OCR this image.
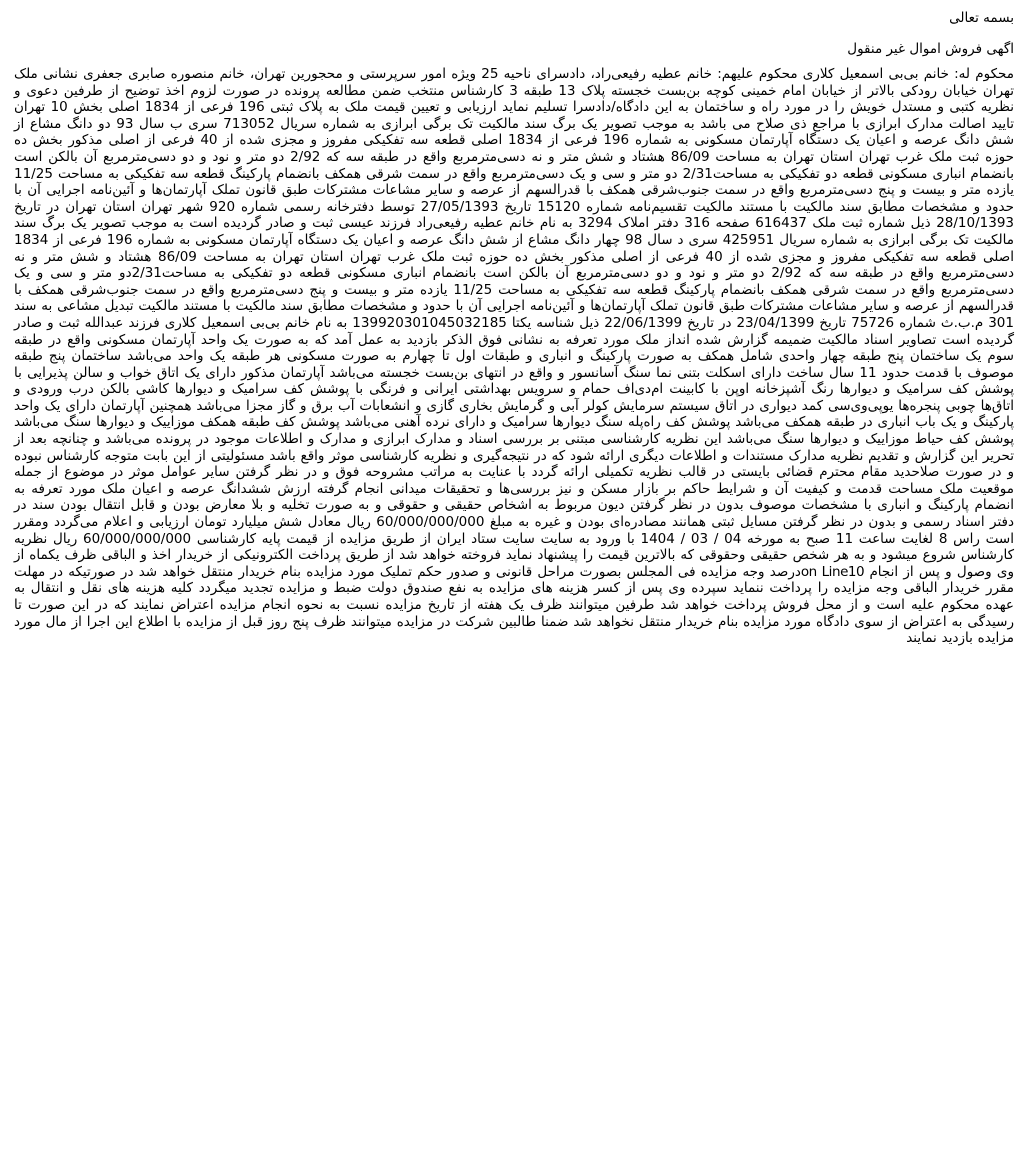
بسمه تعالی

اگهی فروش اموال غیر منقول

محکوم له: خانم بی‌بی اسمعیل کلاری محکوم علیهم: خانم عطیه رفیعی‌راد، دادسرای ناحیه 25 ویژه امور سرپرستی و محجورین تهران، خانم منصوره صابری جعفری نشانی ملک تهران خیابان رودکی بالاتر از خیابان امام خمینی کوچه بن‌بست خجسته پلاک 13 طبقه 3 کارشناس منتخب ضمن مطالعه پرونده در صورت لزوم اخذ توضیح از طرفین دعوی و نظریه کتبی و مستدل خویش را در مورد راه و ساختمان به این دادگاه/دادسرا تسلیم نماید ارزیابی و تعیین قیمت ملک به پلاک ثبتی 196 فرعی از 1834 اصلی بخش 10 تهران تایید اصالت مدارک ابرازی با مراجع ذی صلاح می باشد به موجب تصویر یک برگ سند مالکیت تک برگی ابرازی به شماره سریال 713052 سری ب سال 93 دو دانگ مشاع از شش دانگ عرصه و اعیان یک دستگاه آپارتمان مسکونی به شماره 196 فرعی از 1834 اصلی قطعه سه تفکیکی مفروز و مجزی شده از 40 فرعی از اصلی مذکور بخش ده حوزه ثبت ملک غرب تهران استان تهران به مساحت 86/09 هشتاد و شش متر و نه دسی‌مترمربع واقع در طبقه سه که 2/92 دو متر و نود و دو دسی‌مترمربع آن بالکن است بانضمام انباری مسکونی قطعه دو تفکیکی به مساحت2/31 دو متر و سی و یک دسی‌مترمربع واقع در سمت شرقی همکف بانضمام پارکینگ قطعه سه تفکیکی به مساحت 11/25 یازده متر و بیست و پنج دسی‌مترمربع واقع در سمت جنوب‌شرقی همکف با قدرالسهم از عرصه و سایر مشاعات مشترکات طبق قانون تملک آپارتمان‌ها و آئین‌نامه اجرایی آن با حدود و مشخصات مطابق سند مالکیت با مستند مالکیت تقسیم‌نامه شماره 15120 تاریخ 27/05/1393 توسط دفترخانه رسمی شماره 920 شهر تهران استان تهران در تاریخ 28/10/1393 ذیل شماره ثبت ملک 616437 صفحه 316 دفتر املاک 3294 به نام خانم عطیه رفیعی‌راد فرزند عیسی ثبت و صادر گردیده است به موجب تصویر یک برگ سند مالکیت تک برگی ابرازی به شماره سریال 425951 سری د سال 98 چهار دانگ مشاع از شش دانگ عرصه و اعیان یک دستگاه آپارتمان مسکونی به شماره 196 فرعی از 1834 اصلی قطعه سه تفکیکی مفروز و مجزی شده از 40 فرعی از اصلی مذکور بخش ده حوزه ثبت ملک غرب تهران استان تهران به مساحت 86/09 هشتاد و شش متر و نه دسی‌مترمربع واقع در طبقه سه که 2/92 دو متر و نود و دو دسی‌مترمربع آن بالکن است بانضمام انباری مسکونی قطعه دو تفکیکی به مساحت2/31دو متر و سی و یک دسی‌مترمربع واقع در سمت شرقی همکف بانضمام پارکینگ قطعه سه تفکیکی به مساحت 11/25 یازده متر و بیست و پنج دسی‌مترمربع واقع در سمت جنوب‌شرقی همکف با قدرالسهم از عرصه و سایر مشاعات مشترکات طبق قانون تملک آپارتمان‌ها و آئین‌نامه اجرایی آن با حدود و مشخصات مطابق سند مالکیت با مستند مالکیت تبدیل مشاعی به سند 301 م.ب.ث شماره 75726 تاریخ 23/04/1399 در تاریخ 22/06/1399 ذیل شناسه یکتا 139920301045032185 به نام خانم بی‌بی اسمعیل کلاری فرزند عبدالله ثبت و صادر گردیده است تصاویر اسناد مالکیت ضمیمه گزارش شده انداز ملک مورد تعرفه به نشانی فوق الذکر بازدید به عمل آمد که به صورت یک واحد آپارتمان مسکونی واقع در طبقه سوم یک ساختمان پنج طبقه چهار واحدی شامل همکف به صورت پارکینگ و انباری و طبقات اول تا چهارم به صورت مسکونی هر طبقه یک واحد می‌باشد ساختمان پنج طبقه موصوف با قدمت حدود 11 سال ساخت دارای اسکلت بتنی نما سنگ آسانسور و واقع در انتهای بن‌بست خجسته می‌باشد آپارتمان مذکور دارای یک اتاق خواب و سالن پذیرایی با پوشش کف سرامیک و دیوارها رنگ آشپزخانه اوپن با کابینت ام‌دی‌اف حمام و سرویس بهداشتی ایرانی و فرنگی با پوشش کف سرامیک و دیوارها کاشی بالکن درب ورودی و اتاق‌ها چوبی پنجره‌ها یوپی‌وی‌سی کمد دیواری در اتاق سیستم سرمایش کولر آبی و گرمایش بخاری گازی و انشعابات آب برق و گاز مجزا می‌باشد همچنین آپارتمان دارای یک واحد پارکینگ و یک باب انباری در طبقه همکف می‌باشد پوشش کف راه‌پله سنگ دیوارها سرامیک و دارای نرده آهنی می‌باشد پوشش کف طبقه همکف موزاییک و دیوارها سنگ می‌باشد پوشش کف حیاط موزاییک و دیوارها سنگ می‌باشد این نظریه کارشناسی مبتنی بر بررسی اسناد و مدارک ابرازی و مدارک و اطلاعات موجود در پرونده می‌باشد و چنانچه بعد از تحریر این گزارش و تقدیم نظریه مدارک مستندات و اطلاعات دیگری ارائه شود که در نتیجه‌گیری و نظریه کارشناسی موثر واقع باشد مسئولیتی از این بابت متوجه کارشناس نبوده و در صورت صلاحدید مقام محترم قضائی بایستی در قالب نظریه تکمیلی ارائه گردد با عنایت به مراتب مشروحه فوق و در نظر گرفتن سایر عوامل موثر در موضوع از جمله موقعیت ملک مساحت قدمت و کیفیت آن و شرایط حاکم بر بازار مسکن و نیز بررسی‌ها و تحقیقات میدانی انجام گرفته ارزش ششدانگ عرصه و اعیان ملک مورد تعرفه به انضمام پارکینگ و انباری با مشخصات موصوف بدون در نظر گرفتن دیون مربوط به اشخاص حقیقی و حقوقی و به صورت تخلیه و بلا معارض بودن و قابل انتقال بودن سند در دفتر اسناد رسمی و بدون در نظر گرفتن مسایل ثبتی همانند مصادره‌ای بودن و غیره به مبلغ 60/000/000/000 ریال معادل شش میلیارد تومان ارزیابی و اعلام می‌گردد ومقرر است راس 8 لغایت ساعت 11 صبح به مورخه 04 / 03 / 1404 با ورود به سایت سایت ستاد ایران از طریق مزایده از قیمت پایه کارشناسی 60/000/000/000 ریال نظریه کارشناس شروع میشود و به هر شخص حقیقی وحقوقی که بالاترین قیمت را پیشنهاد نماید فروخته خواهد شد از طریق پرداخت الکترونیکی از خریدار اخذ و الباقی ظرف یکماه از وی وصول و پس از انجام on Line10درصد وجه مزایده فی المجلس بصورت مراحل قانونی و صدور حکم تملیک مورد مزایده بنام خریدار منتقل خواهد شد در صورتیکه در مهلت مقرر خریدار الباقی وجه مزایده را پرداخت ننماید سپرده وی پس از کسر هزینه های مزایده به نفع صندوق دولت ضبط و مزایده تجدید میگردد کلیه هزینه های نقل و انتقال به عهده محکوم علیه است و از محل فروش پرداخت خواهد شد طرفین میتوانند ظرف یک هفته از تاریخ مزایده نسبت به نحوه انجام مزایده اعتراض نمایند که در این صورت تا رسیدگی به اعتراض از سوی دادگاه مورد مزایده بنام خریدار منتقل نخواهد شد ضمنا طالبین شرکت در مزایده میتوانند ظرف پنج روز قبل از مزایده با اطلاع این اجرا از مال مورد مزایده بازدید نمایند
